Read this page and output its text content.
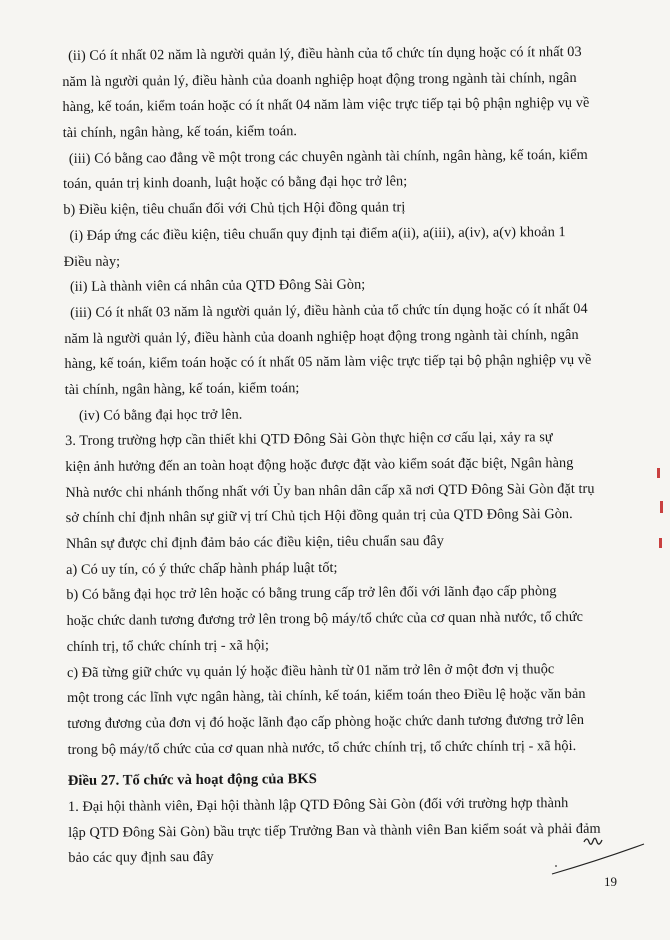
(ii) Có ít nhất 02 năm là người quản lý, điều hành của tổ chức tín dụng hoặc có ít nhất 03
năm là người quản lý, điều hành của doanh nghiệp hoạt động trong ngành tài chính, ngân
hàng, kế toán, kiểm toán hoặc có ít nhất 04 năm làm việc trực tiếp tại bộ phận nghiệp vụ về
tài chính, ngân hàng, kế toán, kiểm toán.
(iii) Có bằng cao đẳng về một trong các chuyên ngành tài chính, ngân hàng, kế toán, kiểm
toán, quản trị kinh doanh, luật hoặc có bằng đại học trở lên;
b) Điều kiện, tiêu chuẩn đối với Chủ tịch Hội đồng quản trị
(i) Đáp ứng các điều kiện, tiêu chuẩn quy định tại điểm a(ii), a(iii), a(iv), a(v) khoản 1
Điều này;
(ii) Là thành viên cá nhân của QTD Đông Sài Gòn;
(iii) Có ít nhất 03 năm là người quản lý, điều hành của tổ chức tín dụng hoặc có ít nhất 04
năm là người quản lý, điều hành của doanh nghiệp hoạt động trong ngành tài chính, ngân
hàng, kế toán, kiểm toán hoặc có ít nhất 05 năm làm việc trực tiếp tại bộ phận nghiệp vụ về
tài chính, ngân hàng, kế toán, kiểm toán;
(iv) Có bằng đại học trở lên.
3. Trong trường hợp cần thiết khi QTD Đông Sài Gòn thực hiện cơ cấu lại, xảy ra sự
kiện ảnh hưởng đến an toàn hoạt động hoặc được đặt vào kiểm soát đặc biệt, Ngân hàng
Nhà nước chi nhánh thống nhất với Ủy ban nhân dân cấp xã nơi QTD Đông Sài Gòn đặt trụ
sở chính chỉ định nhân sự giữ vị trí Chủ tịch Hội đồng quản trị của QTD Đông Sài Gòn.
Nhân sự được chỉ định đảm bảo các điều kiện, tiêu chuẩn sau đây
a) Có uy tín, có ý thức chấp hành pháp luật tốt;
b) Có bằng đại học trở lên hoặc có bằng trung cấp trở lên đối với lãnh đạo cấp phòng
hoặc chức danh tương đương trở lên trong bộ máy/tổ chức của cơ quan nhà nước, tổ chức
chính trị, tổ chức chính trị - xã hội;
c) Đã từng giữ chức vụ quản lý hoặc điều hành từ 01 năm trở lên ở một đơn vị thuộc
một trong các lĩnh vực ngân hàng, tài chính, kế toán, kiểm toán theo Điều lệ hoặc văn bản
tương đương của đơn vị đó hoặc lãnh đạo cấp phòng hoặc chức danh tương đương trở lên
trong bộ máy/tổ chức của cơ quan nhà nước, tổ chức chính trị, tổ chức chính trị - xã hội.
Điều 27. Tổ chức và hoạt động của BKS
1. Đại hội thành viên, Đại hội thành lập QTD Đông Sài Gòn (đối với trường hợp thành
lập QTD Đông Sài Gòn) bầu trực tiếp Trưởng Ban và thành viên Ban kiểm soát và phải đảm
bảo các quy định sau đây
19
